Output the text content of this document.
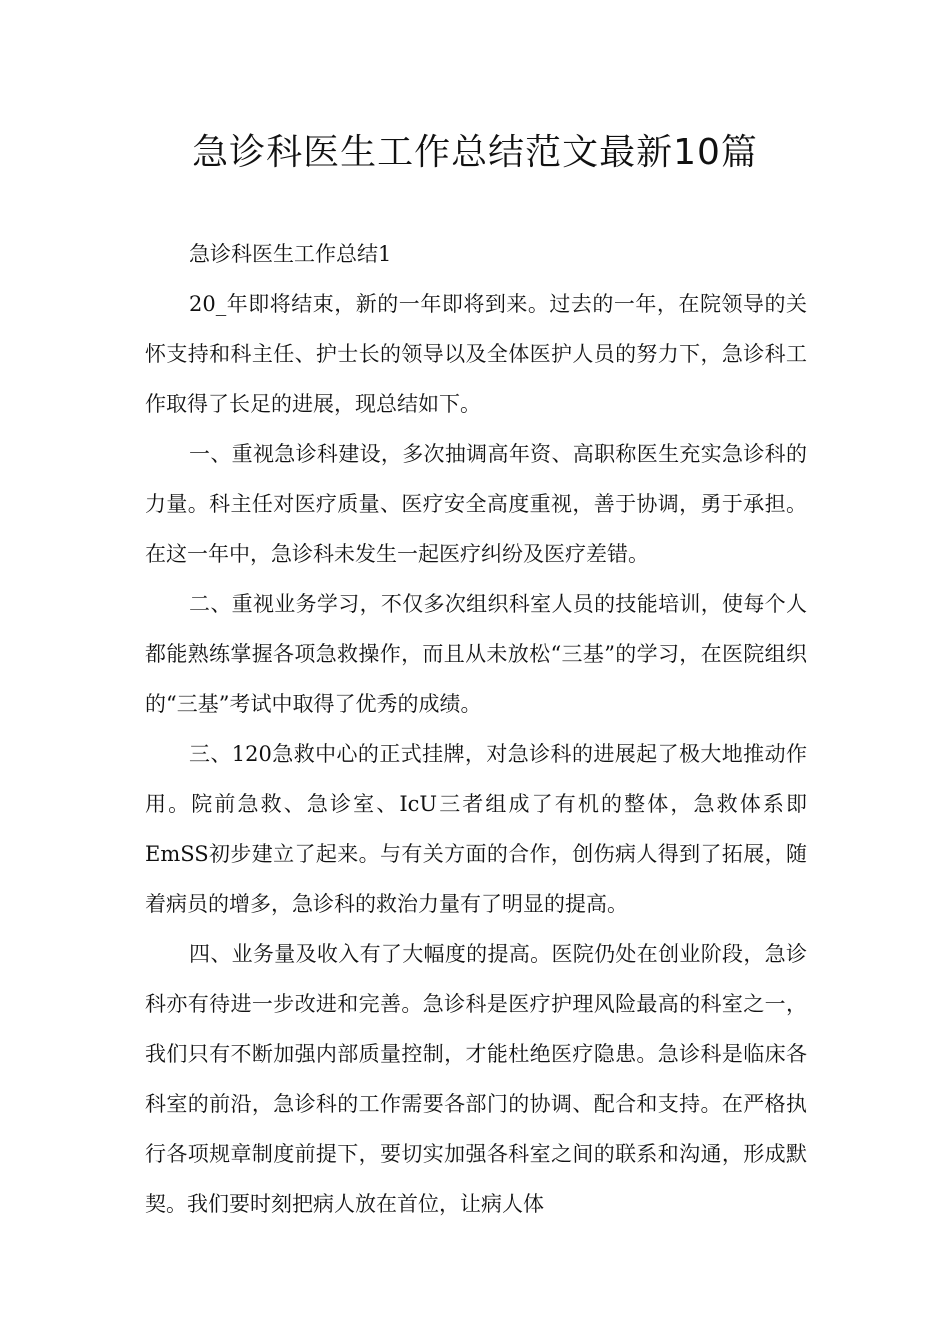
急诊科医生工作总结范文最新10篇

急诊科医生工作总结1

20_年即将结束，新的一年即将到来。过去的一年，在院领导的关怀支持和科主任、护士长的领导以及全体医护人员的努力下，急诊科工作取得了长足的进展，现总结如下。

一、重视急诊科建设，多次抽调高年资、高职称医生充实急诊科的力量。科主任对医疗质量、医疗安全高度重视，善于协调，勇于承担。在这一年中，急诊科未发生一起医疗纠纷及医疗差错。

二、重视业务学习，不仅多次组织科室人员的技能培训，使每个人都能熟练掌握各项急救操作，而且从未放松“三基”的学习，在医院组织的“三基”考试中取得了优秀的成绩。

三、120急救中心的正式挂牌，对急诊科的进展起了极大地推动作用。院前急救、急诊室、IcU三者组成了有机的整体，急救体系即EmSS初步建立了起来。与有关方面的合作，创伤病人得到了拓展，随着病员的增多，急诊科的救治力量有了明显的提高。

四、业务量及收入有了大幅度的提高。医院仍处在创业阶段，急诊科亦有待进一步改进和完善。急诊科是医疗护理风险最高的科室之一，我们只有不断加强内部质量控制，才能杜绝医疗隐患。急诊科是临床各科室的前沿，急诊科的工作需要各部门的协调、配合和支持。在严格执行各项规章制度前提下，要切实加强各科室之间的联系和沟通，形成默契。我们要时刻把病人放在首位，让病人体
